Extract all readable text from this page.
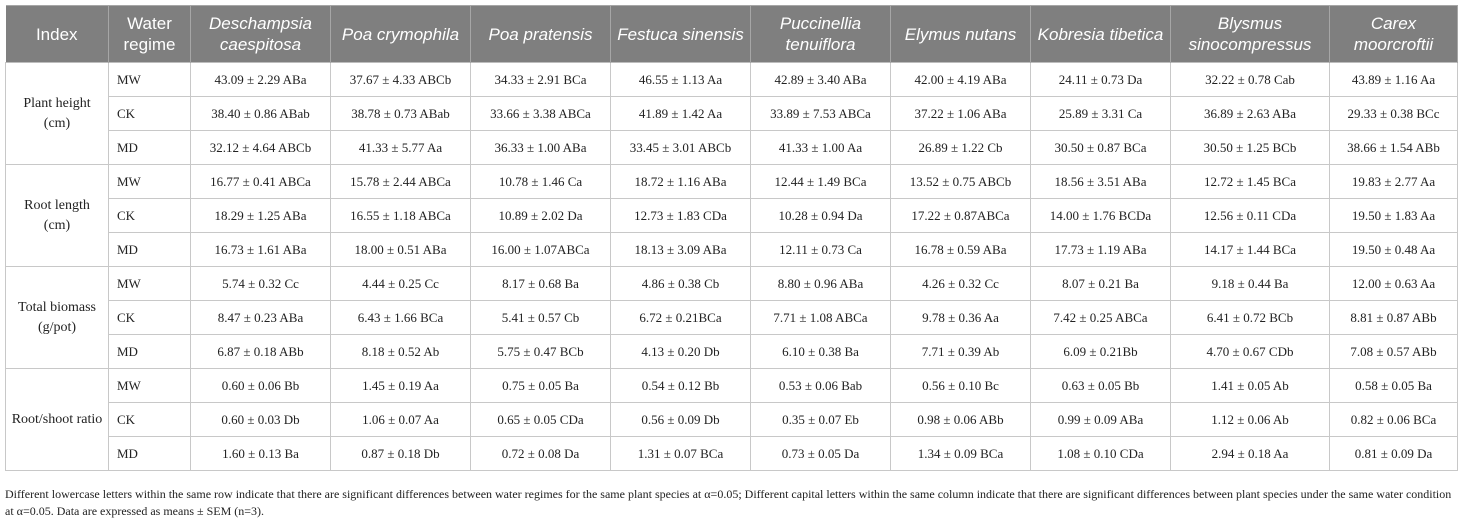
Index	Water regime	Deschampsia caespitosa	Poa crymophila	Poa pratensis	Festuca sinensis	Puccinellia tenuiflora	Elymus nutans	Kobresia tibetica	Blysmus sinocompressus	Carex moorcroftii
Plant height (cm)	MW	43.09 ± 2.29 ABa	37.67 ± 4.33 ABCb	34.33 ± 2.91 BCa	46.55 ± 1.13 Aa	42.89 ± 3.40 ABa	42.00 ± 4.19 ABa	24.11 ± 0.73 Da	32.22 ± 0.78 Cab	43.89 ± 1.16 Aa
	CK	38.40 ± 0.86 ABab	38.78 ± 0.73 ABab	33.66 ± 3.38 ABCa	41.89 ± 1.42 Aa	33.89 ± 7.53 ABCa	37.22 ± 1.06 ABa	25.89 ± 3.31 Ca	36.89 ± 2.63 ABa	29.33 ± 0.38 BCc
	MD	32.12 ± 4.64 ABCb	41.33 ± 5.77 Aa	36.33 ± 1.00 ABa	33.45 ± 3.01 ABCb	41.33 ± 1.00 Aa	26.89 ± 1.22 Cb	30.50 ± 0.87 BCa	30.50 ± 1.25 BCb	38.66 ± 1.54 ABb
Root length (cm)	MW	16.77 ± 0.41 ABCa	15.78 ± 2.44 ABCa	10.78 ± 1.46 Ca	18.72 ± 1.16 ABa	12.44 ± 1.49 BCa	13.52 ± 0.75 ABCb	18.56 ± 3.51 ABa	12.72 ± 1.45 BCa	19.83 ± 2.77 Aa
	CK	18.29 ± 1.25 ABa	16.55 ± 1.18 ABCa	10.89 ± 2.02 Da	12.73 ± 1.83 CDa	10.28 ± 0.94 Da	17.22 ± 0.87ABCa	14.00 ± 1.76 BCDa	12.56 ± 0.11 CDa	19.50 ± 1.83 Aa
	MD	16.73 ± 1.61 ABa	18.00 ± 0.51 ABa	16.00 ± 1.07ABCa	18.13 ± 3.09 ABa	12.11 ± 0.73 Ca	16.78 ± 0.59 ABa	17.73 ± 1.19 ABa	14.17 ± 1.44 BCa	19.50 ± 0.48 Aa
Total biomass (g/pot)	MW	5.74 ± 0.32 Cc	4.44 ± 0.25 Cc	8.17 ± 0.68 Ba	4.86 ± 0.38 Cb	8.80 ± 0.96 ABa	4.26 ± 0.32 Cc	8.07 ± 0.21 Ba	9.18 ± 0.44 Ba	12.00 ± 0.63 Aa
	CK	8.47 ± 0.23 ABa	6.43 ± 1.66 BCa	5.41 ± 0.57 Cb	6.72 ± 0.21BCa	7.71 ± 1.08 ABCa	9.78 ± 0.36 Aa	7.42 ± 0.25 ABCa	6.41 ± 0.72 BCb	8.81 ± 0.87 ABb
	MD	6.87 ± 0.18 ABb	8.18 ± 0.52 Ab	5.75 ± 0.47 BCb	4.13 ± 0.20 Db	6.10 ± 0.38 Ba	7.71 ± 0.39 Ab	6.09 ± 0.21Bb	4.70 ± 0.67 CDb	7.08 ± 0.57 ABb
Root/shoot ratio	MW	0.60 ± 0.06 Bb	1.45 ± 0.19 Aa	0.75 ± 0.05 Ba	0.54 ± 0.12 Bb	0.53 ± 0.06 Bab	0.56 ± 0.10 Bc	0.63 ± 0.05 Bb	1.41 ± 0.05 Ab	0.58 ± 0.05 Ba
	CK	0.60 ± 0.03 Db	1.06 ± 0.07 Aa	0.65 ± 0.05 CDa	0.56 ± 0.09 Db	0.35 ± 0.07 Eb	0.98 ± 0.06 ABb	0.99 ± 0.09 ABa	1.12 ± 0.06 Ab	0.82 ± 0.06 BCa
	MD	1.60 ± 0.13 Ba	0.87 ± 0.18 Db	0.72 ± 0.08 Da	1.31 ± 0.07 BCa	0.73 ± 0.05 Da	1.34 ± 0.09 BCa	1.08 ± 0.10 CDa	2.94 ± 0.18 Aa	0.81 ± 0.09 Da
Different lowercase letters within the same row indicate that there are significant differences between water regimes for the same plant species at α=0.05; Different capital letters within the same column indicate that there are significant differences between plant species under the same water condition at α=0.05. Data are expressed as means ± SEM (n=3).
